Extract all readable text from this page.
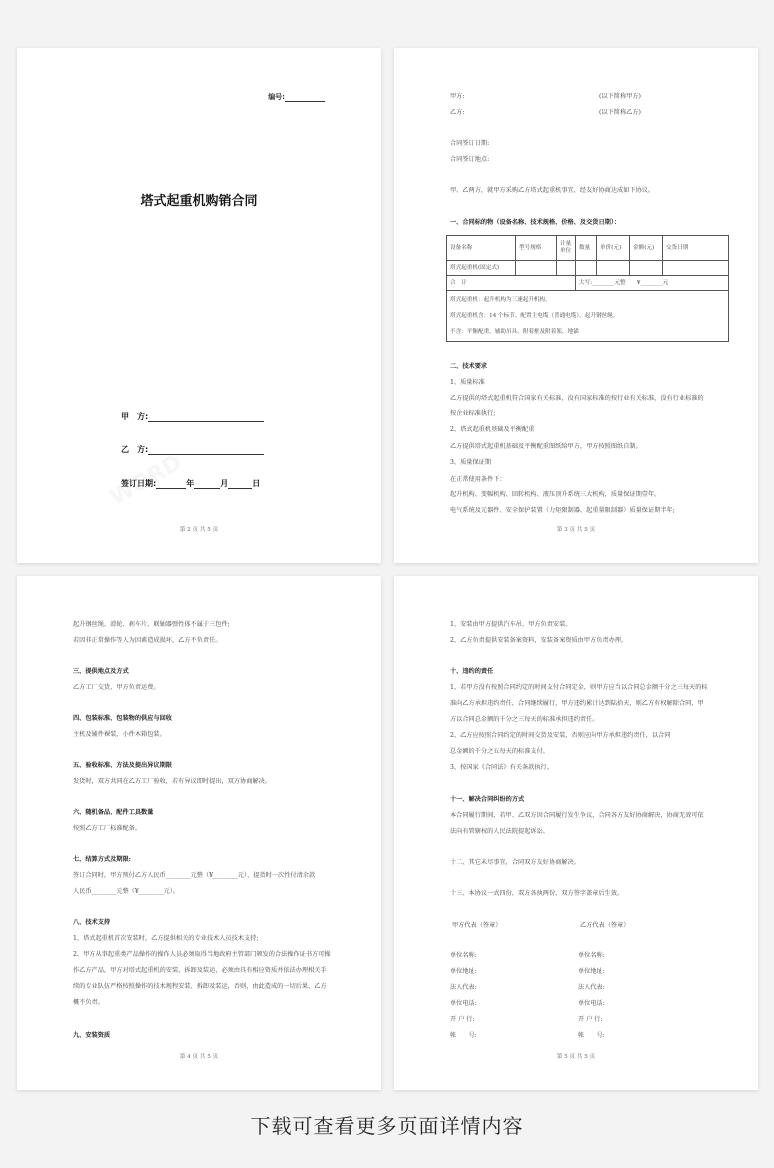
编号:
塔式起重机购销合同
甲　方:
乙　方:
签订日期:	年	月	日
第 2 页 共 5 页
甲方:	(以下简称甲方)
乙方:	(以下简称乙方)
合同签订日期:
合同签订地点:
甲、乙两方，就甲方采购乙方塔式起重机事宜，经友好协商达成如下协议。
一、合同标的物（设备名称、技术规格、价格、及交货日期）：
设备名称	型号规格	计量单位	数量	单价(元)	金额(元)	交货日期
塔式起重机(固定式)						
合　计			大写:________元整　　¥________元			

塔式起重机：起升机构为三速起升机构，
塔式起重机含：14 个标节、配置主电缆（普通电缆）、起升钢丝绳。
不含：平衡配重、辅助吊具、附着框及附着架、地锚						
二、技术要求
1、质量标准
乙方提供的塔式起重机符合国家有关标准，没有国家标准的按行业有关标准，没有行业标准的
按企业标准执行;
2、塔式起重机基础及平衡配重
乙方提供塔式起重机基础及平衡配重图纸给甲方，甲方按照图纸自制。
3、质量保证期
在正常使用条件下：
起升机构、变幅机构、回转机构、液压顶升系统三大机构，质量保证期壹年。
电气系统及元器件、安全保护装置（力矩限制器、起重量限制器）质量保证期半年;
第 3 页 共 5 页
起升钢丝绳、滑轮、刹车片、联轴器弹性体不属于三包件;
若因非正常操作等人为因素造成损坏，乙方不负责任。
三、提供地点及方式
乙方工厂交货，甲方负责运费。
四、包装标准、包装物的供应与回收
主机及辅件裸装，小件木箱包装。
五、验收标准、方法及提出异议期限
发货时，双方共同在乙方工厂验收，若有异议即时提出，双方协商解决。
六、随机备品、配件工具数量
按照乙方工厂标准配备。
七、结算方式及期限:
签订合同时，甲方预付乙方人民币________元整（¥________元），提货时一次性付清余款
人民币________元整（¥________元）。
八、技术支持
1、塔式起重机首次安装时，乙方提供相关的专业技术人员技术支持;
2、甲方从事起重类产品操作的操作人员必须取得当地政府主管部门颁发的合法操作证书方可操
作乙方产品，甲方对塔式起重机的安装、拆卸及装运，必须由具有相应资质并依法办理相关手
续的专业队伍严格按照操作的技术规程安装、拆卸及装运，否则，由此造成的一切后果，乙方
概不负责。
九、安装资质
第 4 页 共 5 页
1、安装由甲方提供汽车吊，甲方负责安装。
2、乙方负责提供安装备案资料，安装备案资质由甲方负责办理。
十、违约的责任
1、若甲方没有按照合同约定的时间支付合同定金，则甲方应当以合同总金额千分之三每天的标
准向乙方承担违约责任，合同继续履行，甲方违约累计达到陆拾天，则乙方有权解除合同，甲
方以合同总金额的千分之三每天的标准承担违约责任。
2、乙方应按照合同约定的时间交货及安装，否则应向甲方承担违约责任，以合同
总金额的千分之五每天的标准支付。
3、按国家《合同法》有关条款执行。
十一、解决合同纠纷的方式
本合同履行期间，若甲、乙双方因合同履行发生争议，合同各方友好协商解决，协商无效可依
法向有管辖权的人民法院提起诉讼。
十二、其它未尽事宜，合同双方友好协商解决。
十三、本协议一式四份，双方各执两份，双方签字盖章后生效。
甲方代表（签章）	乙方代表（签章）
单位名称:	单位名称:
单位地址:	单位地址:
法人代表:	法人代表:
单位电话:	单位电话:
开 户 行:	开 户 行:
帐　　号:	帐　　号:
第 5 页 共 5 页
下载可查看更多页面详情内容
